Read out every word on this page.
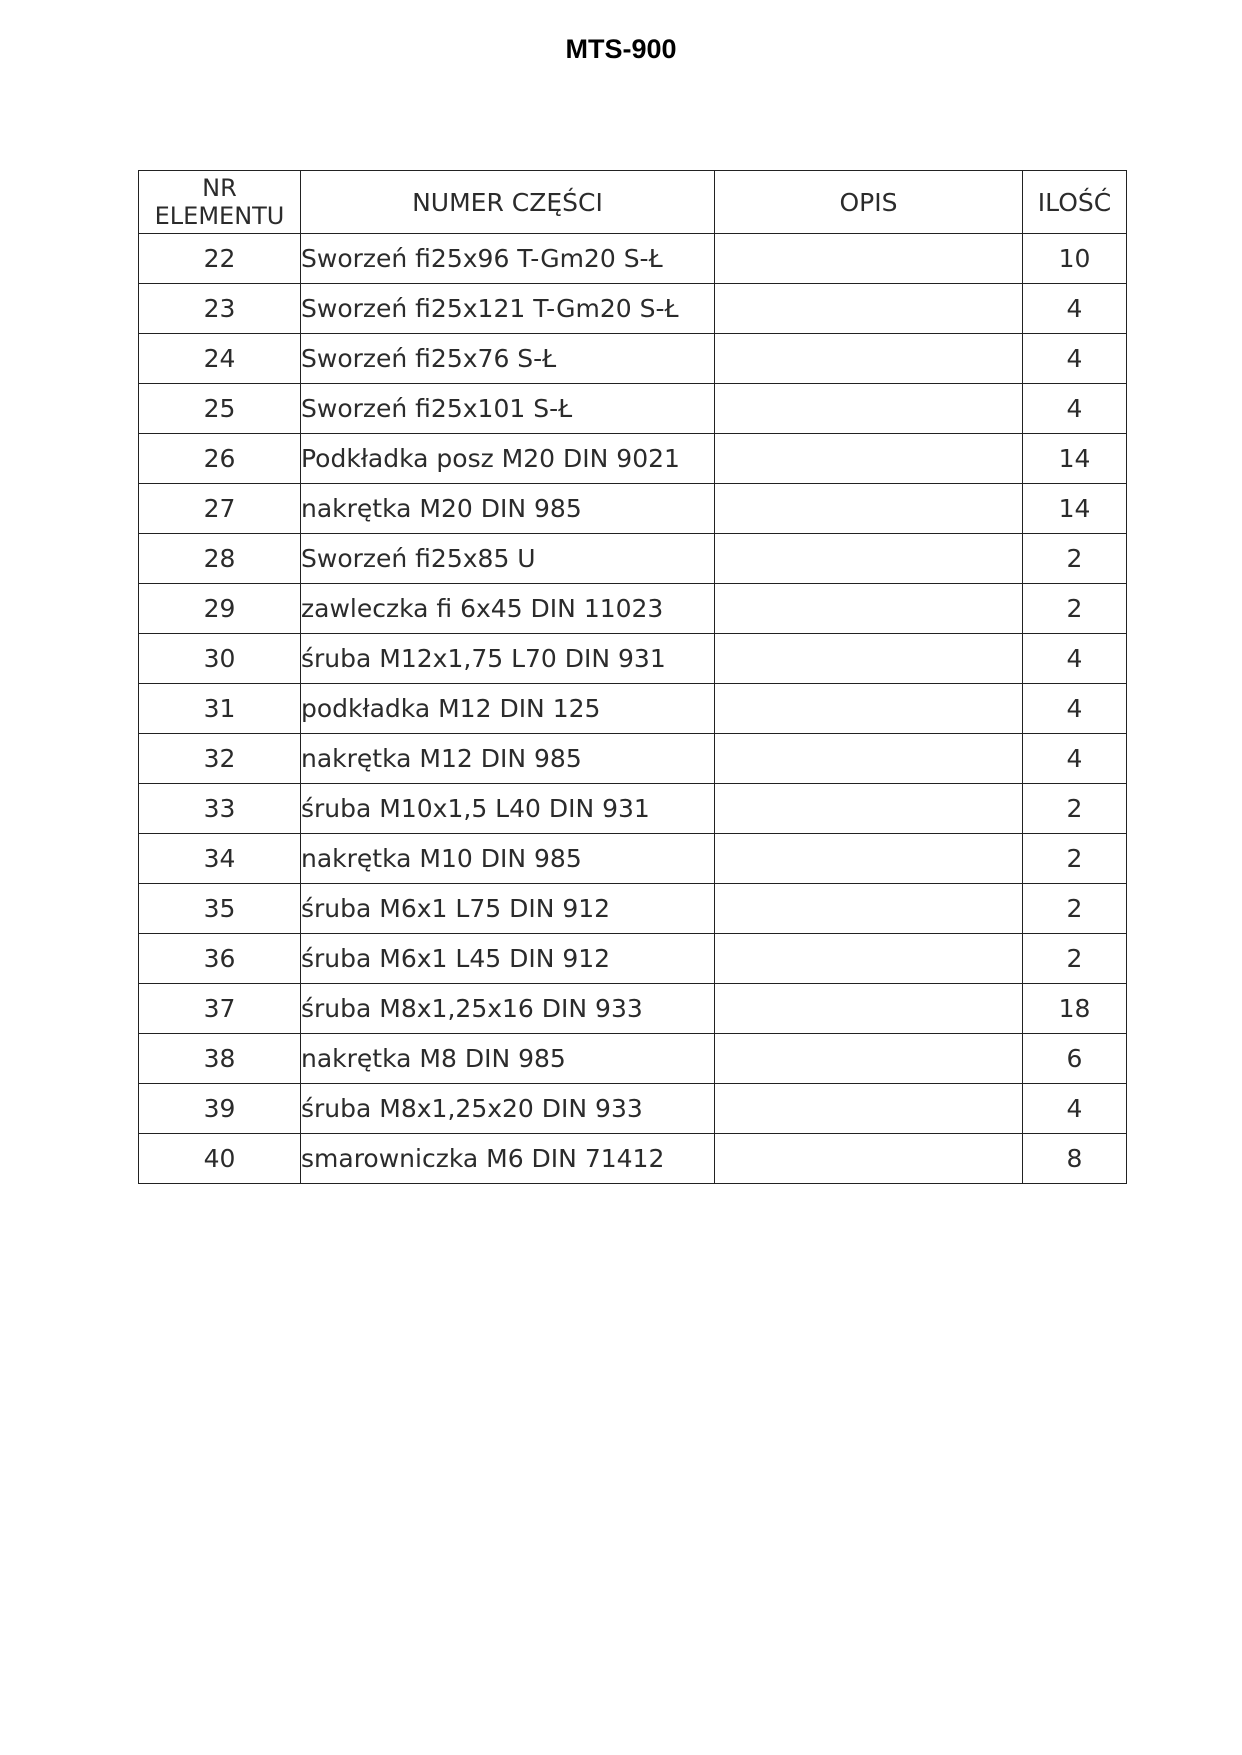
MTS-900
NR
ELEMENTU	NUMER CZĘŚCI	OPIS	ILOŚĆ
22	Sworzeń fi25x96 T-Gm20 S-Ł		10
23	Sworzeń fi25x121 T-Gm20 S-Ł		4
24	Sworzeń fi25x76 S-Ł		4
25	Sworzeń fi25x101 S-Ł		4
26	Podkładka posz M20 DIN 9021		14
27	nakrętka M20 DIN 985		14
28	Sworzeń fi25x85 U		2
29	zawleczka fi 6x45 DIN 11023		2
30	śruba M12x1,75 L70 DIN 931		4
31	podkładka M12 DIN 125		4
32	nakrętka M12 DIN 985		4
33	śruba M10x1,5 L40 DIN 931		2
34	nakrętka M10 DIN 985		2
35	śruba M6x1 L75 DIN 912		2
36	śruba M6x1 L45 DIN 912		2
37	śruba M8x1,25x16 DIN 933		18
38	nakrętka M8 DIN 985		6
39	śruba M8x1,25x20 DIN 933		4
40	smarowniczka M6 DIN 71412		8
